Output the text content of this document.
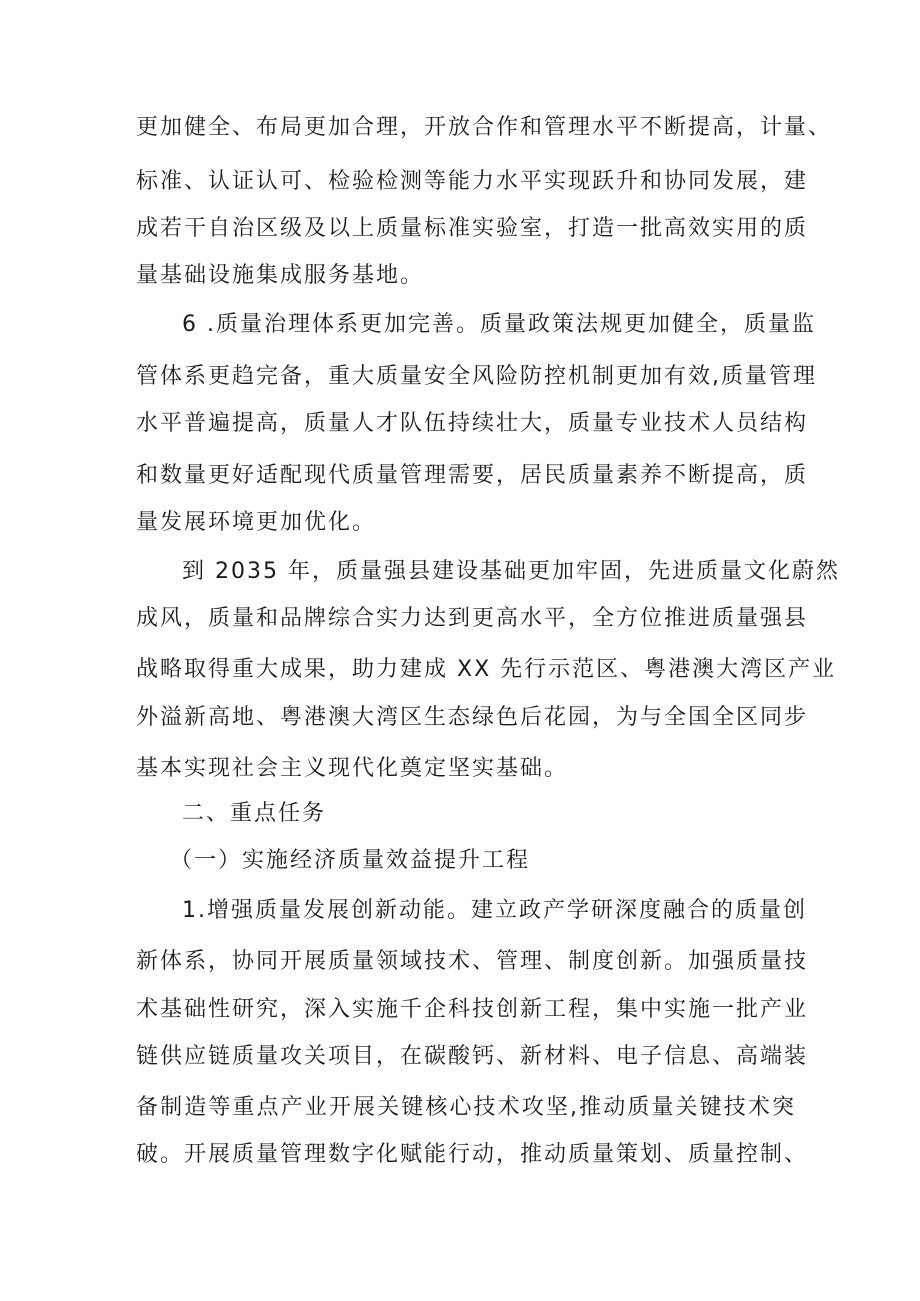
更加健全、布局更加合理，开放合作和管理水平不断提高，计量、
标准、认证认可、检验检测等能力水平实现跃升和协同发展，建
成若干自治区级及以上质量标准实验室，打造一批高效实用的质
量基础设施集成服务基地。
6 .质量治理体系更加完善。质量政策法规更加健全，质量监
管体系更趋完备，重大质量安全风险防控机制更加有效,质量管理
水平普遍提高，质量人才队伍持续壮大，质量专业技术人员结构
和数量更好适配现代质量管理需要，居民质量素养不断提高，质
量发展环境更加优化。
到 2035 年，质量强县建设基础更加牢固，先进质量文化蔚然
成风，质量和品牌综合实力达到更高水平，全方位推进质量强县
战略取得重大成果，助力建成 XX 先行示范区、粤港澳大湾区产业
外溢新高地、粤港澳大湾区生态绿色后花园，为与全国全区同步
基本实现社会主义现代化奠定坚实基础。
二、重点任务
（一）实施经济质量效益提升工程
1.增强质量发展创新动能。建立政产学研深度融合的质量创
新体系，协同开展质量领域技术、管理、制度创新。加强质量技
术基础性研究，深入实施千企科技创新工程，集中实施一批产业
链供应链质量攻关项目，在碳酸钙、新材料、电子信息、高端装
备制造等重点产业开展关键核心技术攻坚,推动质量关键技术突
破。开展质量管理数字化赋能行动，推动质量策划、质量控制、
